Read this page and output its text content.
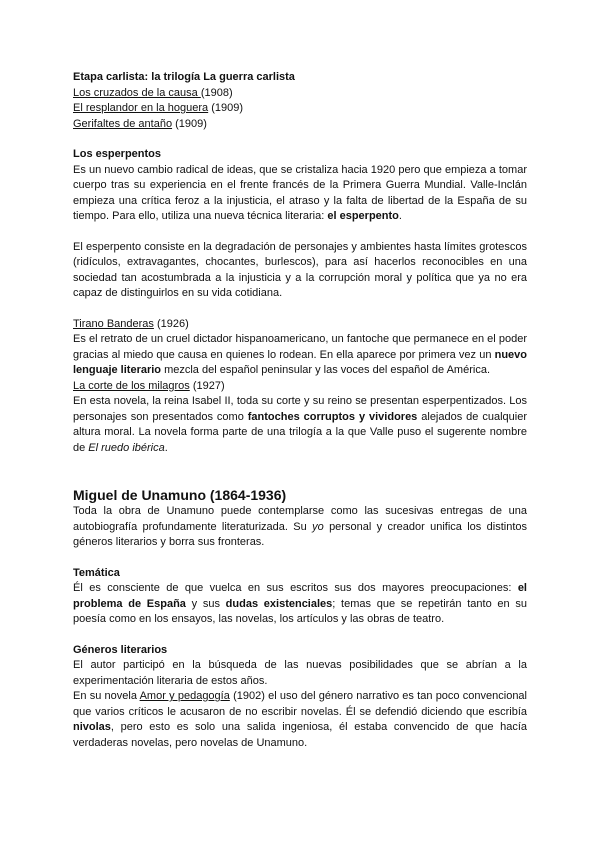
Etapa carlista: la trilogía La guerra carlista

Los cruzados de la causa (1908)

El resplandor en la hoguera (1909)

Gerifaltes de antaño (1909)

Los esperpentos

Es un nuevo cambio radical de ideas, que se cristaliza hacia 1920 pero que empieza a tomar cuerpo tras su experiencia en el frente francés de la Primera Guerra Mundial. Valle-Inclán empieza una crítica feroz a la injusticia, el atraso y la falta de libertad de la España de su tiempo. Para ello, utiliza una nueva técnica literaria: el esperpento.

El esperpento consiste en la degradación de personajes y ambientes hasta límites grotescos (ridículos, extravagantes, chocantes, burlescos), para así hacerlos reconocibles en una sociedad tan acostumbrada a la injusticia y a la corrupción moral y política que ya no era capaz de distinguirlos en su vida cotidiana.

Tirano Banderas (1926)

Es el retrato de un cruel dictador hispanoamericano, un fantoche que permanece en el poder gracias al miedo que causa en quienes lo rodean. En ella aparece por primera vez un nuevo lenguaje literario mezcla del español peninsular y las voces del español de América.

La corte de los milagros (1927)

En esta novela, la reina Isabel II, toda su corte y su reino se presentan esperpentizados. Los personajes son presentados como fantoches corruptos y vividores alejados de cualquier altura moral. La novela forma parte de una trilogía a la que Valle puso el sugerente nombre de El ruedo ibérica.

Miguel de Unamuno (1864-1936)

Toda la obra de Unamuno puede contemplarse como las sucesivas entregas de una autobiografía profundamente literaturizada. Su yo personal y creador unifica los distintos géneros literarios y borra sus fronteras.

Temática

Él es consciente de que vuelca en sus escritos sus dos mayores preocupaciones: el problema de España y sus dudas existenciales; temas que se repetirán tanto en su poesía como en los ensayos, las novelas, los artículos y las obras de teatro.

Géneros literarios

El autor participó en la búsqueda de las nuevas posibilidades que se abrían a la experimentación literaria de estos años.

En su novela Amor y pedagogía (1902) el uso del género narrativo es tan poco convencional que varios críticos le acusaron de no escribir novelas. Él se defendió diciendo que escribía nivolas, pero esto es solo una salida ingeniosa, él estaba convencido de que hacía verdaderas novelas, pero novelas de Unamuno.
